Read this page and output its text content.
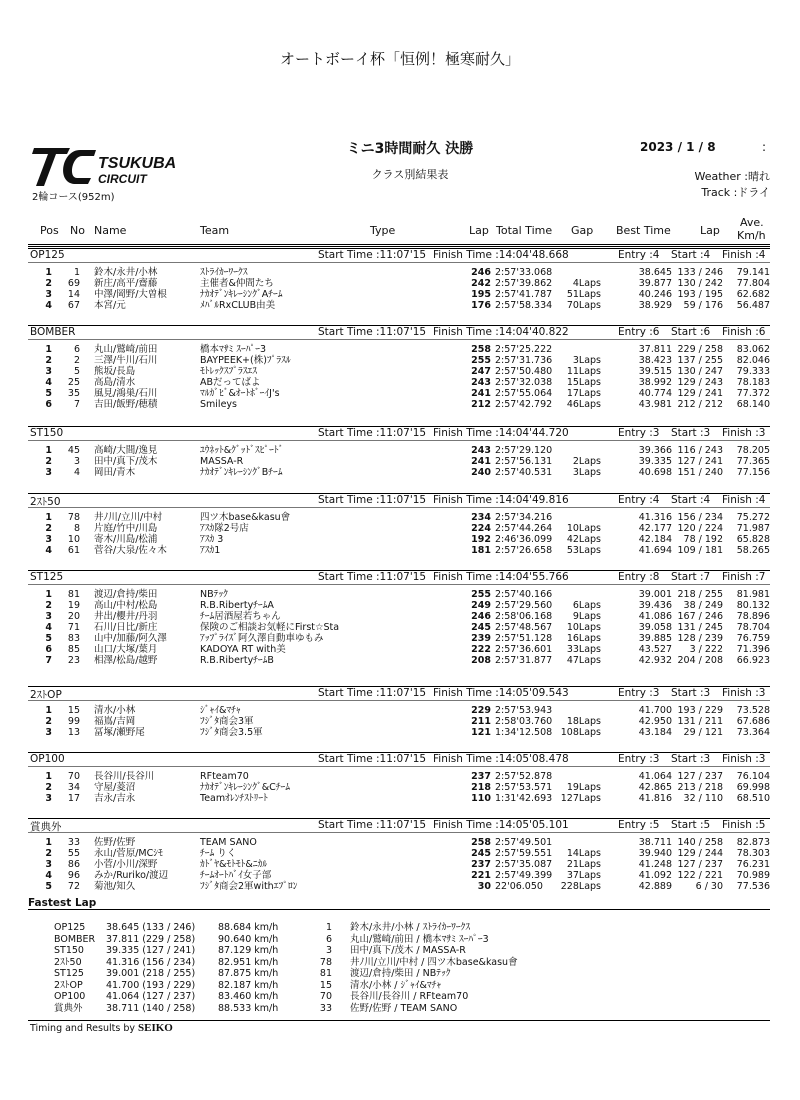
オートボーイ杯「恒例！極寒耐久」
TSUKUBA
CIRCUIT
2輪コース(952m)
ミニ3時間耐久 決勝
クラス別結果表
2023 / 1 / 8	:
Weather :晴れ
Track :ドライ
Pos No Name	Team	Type	Lap Total Time Gap Best Time	Lap
Ave.
Km/h
OP125	Start Time :11:07'15 Finish Time :14:04'48.668	Entry :4 Start :4 Finish :4
1	1 鈴木/永井/小林	ｽﾄﾗｲｶｰﾜｰｸｽ	246 2:57'33.068	38.645 133 / 246	79.141
2	69 新庄/高平/齋藤	主催者&仲間たち	242 2:57'39.862	4Laps	39.877 130 / 242	77.804
3	14 中澤/岡野/大曽根	ﾅｶｵﾃﾞﾝｷﾚｰｼﾝｸﾞAﾁｰﾑ	195 2:57'41.787	51Laps	40.246 193 / 195	62.682
4	67 本宮/元	ﾒﾊﾞﾙRxCLUB由美	176 2:57'58.334	70Laps	38.929	59 / 176	56.487
BOMBER	Start Time :11:07'15 Finish Time :14:04'40.822	Entry :6 Start :6 Finish :6
1	6 丸山/鷲崎/前田	橋本ﾏｻﾐ ｽｰﾊﾟｰ3	258 2:57'25.222	37.811 229 / 258	83.062
2	2 三澤/牛川/石川	BAYPEEK+(株)ﾌﾟﾗｽﾙ	255 2:57'31.736	3Laps	38.423 137 / 255	82.046
3	5 熊坂/長島	ﾓﾄﾚｯｸｽﾌﾟﾗｽｴｽ	247 2:57'50.480	11Laps	39.515 130 / 247	79.333
4	25 高島/清水	ABだってばよ	243 2:57'32.038	15Laps	38.992 129 / 243	78.183
5	35 風見/鴻巣/石川	ﾏﾙｶﾞﾋﾞ&ｵｰﾄﾎﾞｰｲJ's	241 2:57'55.064	17Laps	40.774 129 / 241	77.372
6	7 吉田/飯野/穂積	Smileys	212 2:57'42.792	46Laps	43.981 212 / 212	68.140
ST150	Start Time :11:07'15 Finish Time :14:04'44.720	Entry :3 Start :3 Finish :3
1	45 高崎/大間/逸見	ﾕｳﾈｯﾄ&ｸﾞｯﾄﾞｽﾋﾟｰﾄﾞ	243 2:57'29.120	39.366 116 / 243	78.205
2	3 田中/真下/茂木	MASSA-R	241 2:57'56.131	2Laps	39.335 127 / 241	77.365
3	4 岡田/青木	ﾅｶｵﾃﾞﾝｷﾚｰｼﾝｸﾞBﾁｰﾑ	240 2:57'40.531	3Laps	40.698 151 / 240	77.156
2ｽﾄ50	Start Time :11:07'15 Finish Time :14:04'49.816	Entry :4 Start :4 Finish :4
1	78 井ﾉ川/立川/中村	四ツ木base&kasu會	234 2:57'34.216	41.316 156 / 234	75.272
2	8 片庭/竹中/川島	ｱｽｶ隊2号店	224 2:57'44.264	10Laps	42.177 120 / 224	71.987
3	10 寄木/川島/松浦	ｱｽｶ 3	192 2:46'36.099	42Laps	42.184	78 / 192	65.828
4	61 菅谷/大泉/佐々木	ｱｽｶ1	181 2:57'26.658	53Laps	41.694 109 / 181	58.265
ST125	Start Time :11:07'15 Finish Time :14:04'55.766	Entry :8 Start :7 Finish :7
1	81 渡辺/倉持/柴田	NBﾃｯｸ	255 2:57'40.166	39.001 218 / 255	81.981
2	19 高山/中村/松島	R.B.RibertyﾁｰﾑA	249 2:57'29.560	6Laps	39.436	38 / 249	80.132
3	20 井出/櫻井/丹羽	ﾁｰﾑ居酒屋若ちゃん	246 2:58'06.168	9Laps	41.086 167 / 246	78.896
4	71 石川/日比/新庄	保険のご相談お気軽にFirst☆Sta	245 2:57'48.567	10Laps	39.058 131 / 245	78.704
5	83 山中/加藤/阿久澤	ｱｯﾌﾟﾗｲｽﾞ阿久澤自動車ゆもみ	239 2:57'51.128	16Laps	39.885 128 / 239	76.759
6	85 山口/大塚/葉月	KADOYA RT with美	222 2:57'36.601	33Laps	43.527	3 / 222	71.396
7	23 相澤/松島/越野	R.B.RibertyﾁｰﾑB	208 2:57'31.877	47Laps	42.932 204 / 208	66.923
2ｽﾄOP	Start Time :11:07'15 Finish Time :14:05'09.543	Entry :3 Start :3 Finish :3
1	15 清水/小林	ｼﾞｬｲ&ﾏﾁｬ	229 2:57'53.943	41.700 193 / 229	73.528
2	99 福嶌/吉岡	ﾌｼﾞﾀ商会3軍	211 2:58'03.760	18Laps	42.950 131 / 211	67.686
3	13 冨塚/瀬野尾	ﾌｼﾞﾀ商会3.5軍	121 1:34'12.508 108Laps	43.184	29 / 121	73.364
OP100	Start Time :11:07'15 Finish Time :14:05'08.478	Entry :3 Start :3 Finish :3
1	70 長谷川/長谷川	RFteam70	237 2:57'52.878	41.064 127 / 237	76.104
2	34 守屋/菱沼	ﾅｶｵﾃﾞﾝｷﾚｰｼﾝｸﾞ&Cﾁｰﾑ	218 2:57'53.571	19Laps	42.865 213 / 218	69.998
3	17 吉永/吉永	Teamｵﾚﾝﾁｽﾄﾘｰﾄ	110 1:31'42.693 127Laps	41.816	32 / 110	68.510
賞典外	Start Time :11:07'15 Finish Time :14:05'05.101	Entry :5 Start :5 Finish :5
1	33 佐野/佐野	TEAM SANO	258 2:57'49.501	38.711 140 / 258	82.873
2	55 永山/菅原/MCｼﾓ	ﾁｰﾑ りく	245 2:57'59.551	14Laps	39.940 129 / 244	78.303
3	86 小菅/小川/深野	ｶﾄﾞﾔ&ﾓﾄﾓﾄ&ﾆｶﾙ	237 2:57'35.087	21Laps	41.248 127 / 237	76.231
4	96 みか/Ruriko/渡辺	ﾁｰﾑｵｰﾄﾊﾞｲ女子部	221 2:57'49.399	37Laps	41.092 122 / 221	70.989
5	72 菊池/知久	ﾌｼﾞﾀ商会2軍withｴﾌﾟﾛﾝ	30 22'06.050	228Laps	42.889	6 / 30	77.536
Fastest Lap
OP125	38.645 (133 / 246)	88.684 km/h	1 鈴木/永井/小林 / ｽﾄﾗｲｶｰﾜｰｸｽ
BOMBER	37.811 (229 / 258)	90.640 km/h	6 丸山/鷲崎/前田 / 橋本ﾏｻﾐ ｽｰﾊﾟｰ3
ST150	39.335 (127 / 241)	87.129 km/h	3 田中/真下/茂木 / MASSA-R
2ｽﾄ50	41.316 (156 / 234)	82.951 km/h	78 井ﾉ川/立川/中村 / 四ツ木base&kasu會
ST125	39.001 (218 / 255)	87.875 km/h	81 渡辺/倉持/柴田 / NBﾃｯｸ
2ｽﾄOP	41.700 (193 / 229)	82.187 km/h	15 清水/小林 / ｼﾞｬｲ&ﾏﾁｬ
OP100	41.064 (127 / 237)	83.460 km/h	70 長谷川/長谷川 / RFteam70
賞典外	38.711 (140 / 258)	88.533 km/h	33 佐野/佐野 / TEAM SANO
Timing and Results by SEIKO
